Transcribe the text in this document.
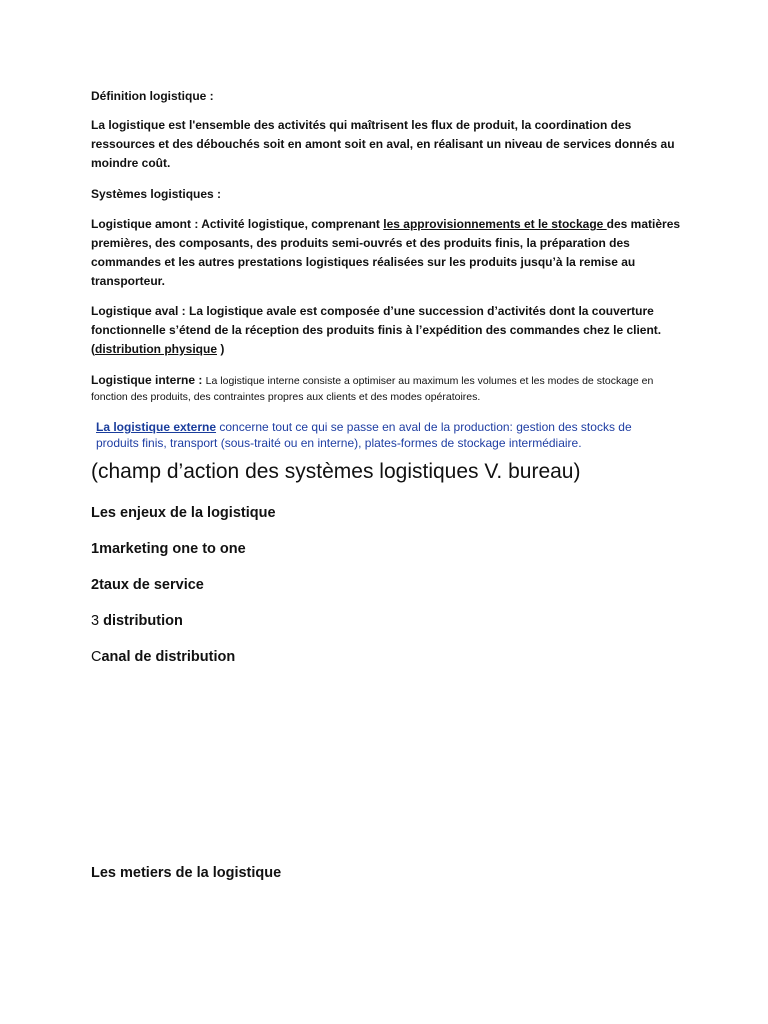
Définition logistique :

La logistique est l'ensemble des activités qui maîtrisent les flux de produit, la coordination des ressources et des débouchés soit en amont soit en aval, en réalisant un niveau de services donnés au moindre coût.

Systèmes logistiques :

Logistique amont : Activité logistique, comprenant les approvisionnements et le stockage des matières premières, des composants, des produits semi-ouvrés et des produits finis, la préparation des commandes et les autres prestations logistiques réalisées sur les produits jusqu’à la remise au transporteur.

Logistique aval : La logistique avale est composée d’une succession d’activités dont la couverture fonctionnelle s’étend de la réception des produits finis à l’expédition des commandes chez le client. (distribution physique )

Logistique interne : La logistique interne consiste a optimiser au maximum les volumes et les modes de stockage en fonction des produits, des contraintes propres aux clients et des modes opératoires.

La logistique externe concerne tout ce qui se passe en aval de la production: gestion des stocks de produits finis, transport (sous-traité ou en interne), plates-formes de stockage intermédiaire.

(champ d’action des systèmes logistiques V. bureau)

Les enjeux de la logistique

1marketing one to one

2taux de service

3 distribution

Canal de distribution

Les metiers de la logistique
